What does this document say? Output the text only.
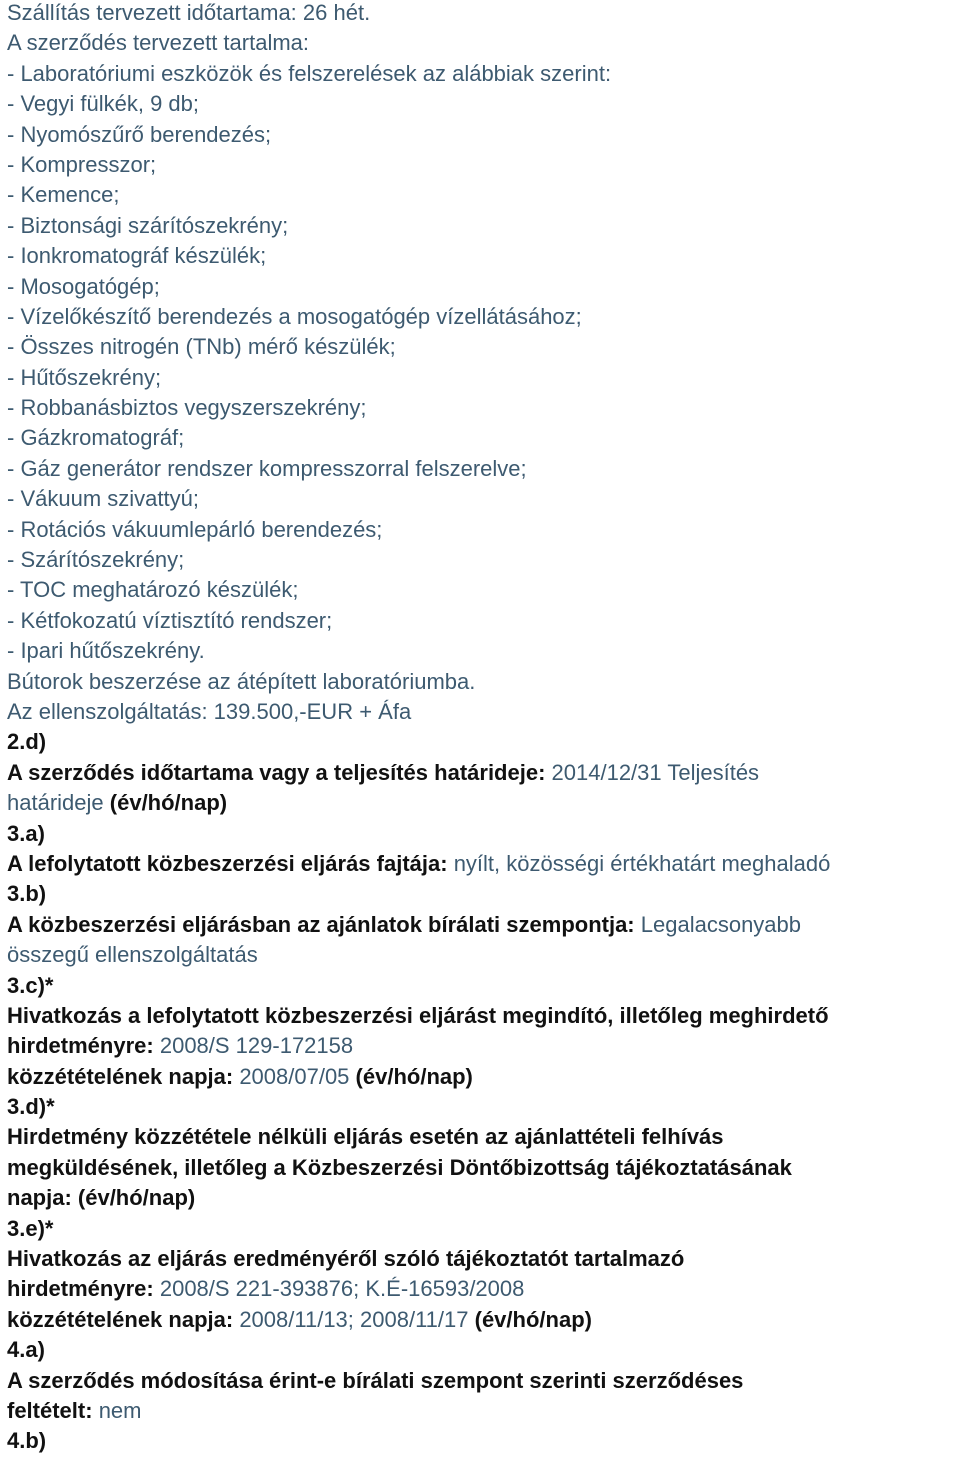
Szállítás tervezett időtartama: 26 hét.
A szerződés tervezett tartalma:
- Laboratóriumi eszközök és felszerelések az alábbiak szerint:
- Vegyi fülkék, 9 db;
- Nyomószűrő berendezés;
- Kompresszor;
- Kemence;
- Biztonsági szárítószekrény;
- Ionkromatográf készülék;
- Mosogatógép;
- Vízelőkészítő berendezés a mosogatógép vízellátásához;
- Összes nitrogén (TNb) mérő készülék;
- Hűtőszekrény;
- Robbanásbiztos vegyszerszekrény;
- Gázkromatográf;
- Gáz generátor rendszer kompresszorral felszerelve;
- Vákuum szivattyú;
- Rotációs vákuumlepárló berendezés;
- Szárítószekrény;
- TOC meghatározó készülék;
- Kétfokozatú víztisztító rendszer;
- Ipari hűtőszekrény.
Bútorok beszerzése az átépített laboratóriumba.
Az ellenszolgáltatás: 139.500,-EUR + Áfa
2.d)
A szerződés időtartama vagy a teljesítés határideje: 2014/12/31 Teljesítés
határideje (év/hó/nap)
3.a)
A lefolytatott közbeszerzési eljárás fajtája: nyílt, közösségi értékhatárt meghaladó
3.b)
A közbeszerzési eljárásban az ajánlatok bírálati szempontja: Legalacsonyabb
összegű ellenszolgáltatás
3.c)*
Hivatkozás a lefolytatott közbeszerzési eljárást megindító, illetőleg meghirdető
hirdetményre: 2008/S 129-172158
közzétételének napja: 2008/07/05 (év/hó/nap)
3.d)*
Hirdetmény közzététele nélküli eljárás esetén az ajánlattételi felhívás
megküldésének, illetőleg a Közbeszerzési Döntőbizottság tájékoztatásának
napja: (év/hó/nap)
3.e)*
Hivatkozás az eljárás eredményéről szóló tájékoztatót tartalmazó
hirdetményre: 2008/S 221-393876; K.É-16593/2008
közzétételének napja: 2008/11/13; 2008/11/17 (év/hó/nap)
4.a)
A szerződés módosítása érint-e bírálati szempont szerinti szerződéses
feltételt: nem
4.b)
